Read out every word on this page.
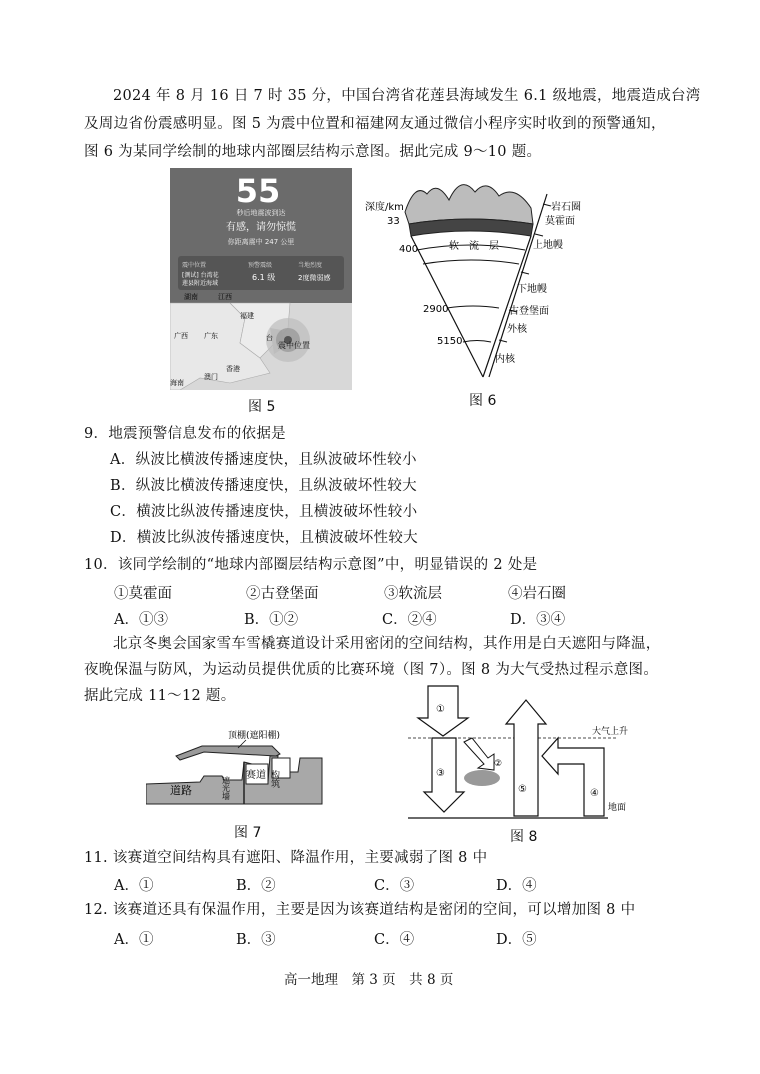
2024 年 8 月 16 日 7 时 35 分，中国台湾省花莲县海域发生 6.1 级地震，地震造成台湾
及周边省份震感明显。图 5 为震中位置和福建网友通过微信小程序实时收到的预警通知，
图 6 为某同学绘制的地球内部圈层结构示意图。据此完成 9～10 题。
55
秒后地震波到达
有感，请勿惊慌
你距离震中 247 公里
震中位置
[测试] 台湾花
莲县附近海域
预警震级
6.1 级
当地烈度
2度微弱感
湖南	江西
福建
广东
广西	台
震中位置
澳门
香港
海南
图 5
深度/km
33
400
2900
5150
软　流　层
岩石圈
莫霍面
上地幔
下地幔
古登堡面
外核
内核
图 6
9．地震预警信息发布的依据是
A．纵波比横波传播速度快，且纵波破坏性较小
B．纵波比横波传播速度快，且纵波破坏性较大
C．横波比纵波传播速度快，且横波破坏性较小
D．横波比纵波传播速度快，且横波破坏性较大
10．该同学绘制的“地球内部圈层结构示意图”中，明显错误的 2 处是
①莫霍面	②古登堡面	③软流层	④岩石圈
A．①③	B．①②	C．②④	D．③④
北京冬奥会国家雪车雪橇赛道设计采用密闭的空间结构，其作用是白天遮阳与降温，
夜晚保温与防风，为运动员提供优质的比赛环境（图 7）。图 8 为大气受热过程示意图。
据此完成 11～12 题。
顶棚(遮阳棚)
道路	遮光墙
赛道 构筑
图 7
①
大气上升
③
②
⑤	④
地面
图 8
11. 该赛道空间结构具有遮阳、降温作用，主要减弱了图 8 中
A．①	B．②	C．③	D．④
12. 该赛道还具有保温作用，主要是因为该赛道结构是密闭的空间，可以增加图 8 中
A．①	B．③	C．④	D．⑤
高一地理　第 3 页　共 8 页
